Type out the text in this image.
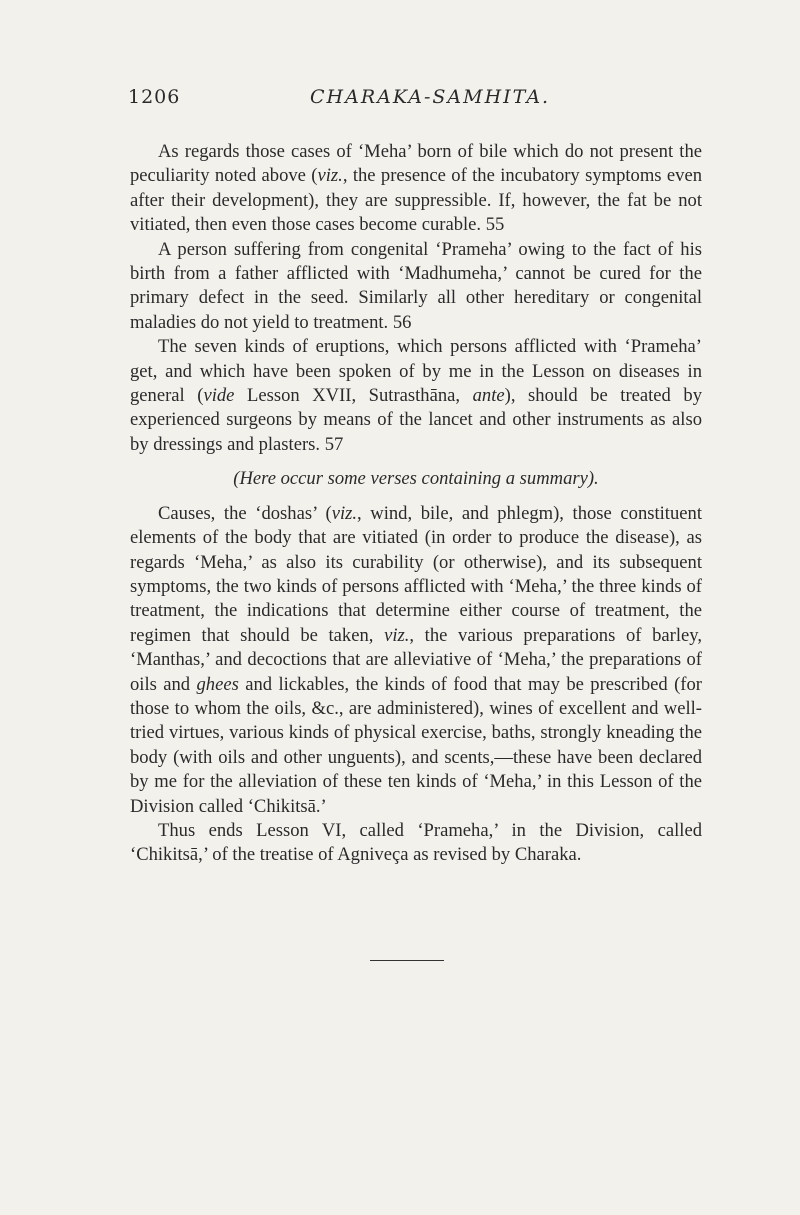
1206	CHARAKA-SAMHITA.

As regards those cases of ‘Meha’ born of bile which do not present the peculiarity noted above (viz., the presence of the incubatory symptoms even after their development), they are suppressible. If, however, the fat be not vitiated, then even those cases become curable. 55

A person suffering from congenital ‘Prameha’ owing to the fact of his birth from a father afflicted with ‘Madhumeha,’ cannot be cured for the primary defect in the seed. Similarly all other hereditary or congenital maladies do not yield to treatment. 56

The seven kinds of eruptions, which persons afflicted with ‘Prameha’ get, and which have been spoken of by me in the Lesson on diseases in general (vide Lesson XVII, Sutrasthāna, ante), should be treated by experienced surgeons by means of the lancet and other instruments as also by dressings and plasters. 57

(Here occur some verses containing a summary).

Causes, the ‘doshas’ (viz., wind, bile, and phlegm), those constituent elements of the body that are vitiated (in order to produce the disease), as regards ‘Meha,’ as also its curability (or otherwise), and its subsequent symptoms, the two kinds of persons afflicted with ‘Meha,’ the three kinds of treatment, the indications that determine either course of treatment, the regimen that should be taken, viz., the various preparations of barley, ‘Manthas,’ and decoctions that are alleviative of ‘Meha,’ the preparations of oils and ghees and lickables, the kinds of food that may be prescribed (for those to whom the oils, &c., are administered), wines of excellent and well-tried virtues, various kinds of physical exercise, baths, strongly kneading the body (with oils and other unguents), and scents,—these have been declared by me for the alleviation of these ten kinds of ‘Meha,’ in this Lesson of the Division called ‘Chikitsā.’

Thus ends Lesson VI, called ‘Prameha,’ in the Division, called ‘Chikitsā,’ of the treatise of Agniveça as revised by Charaka.
